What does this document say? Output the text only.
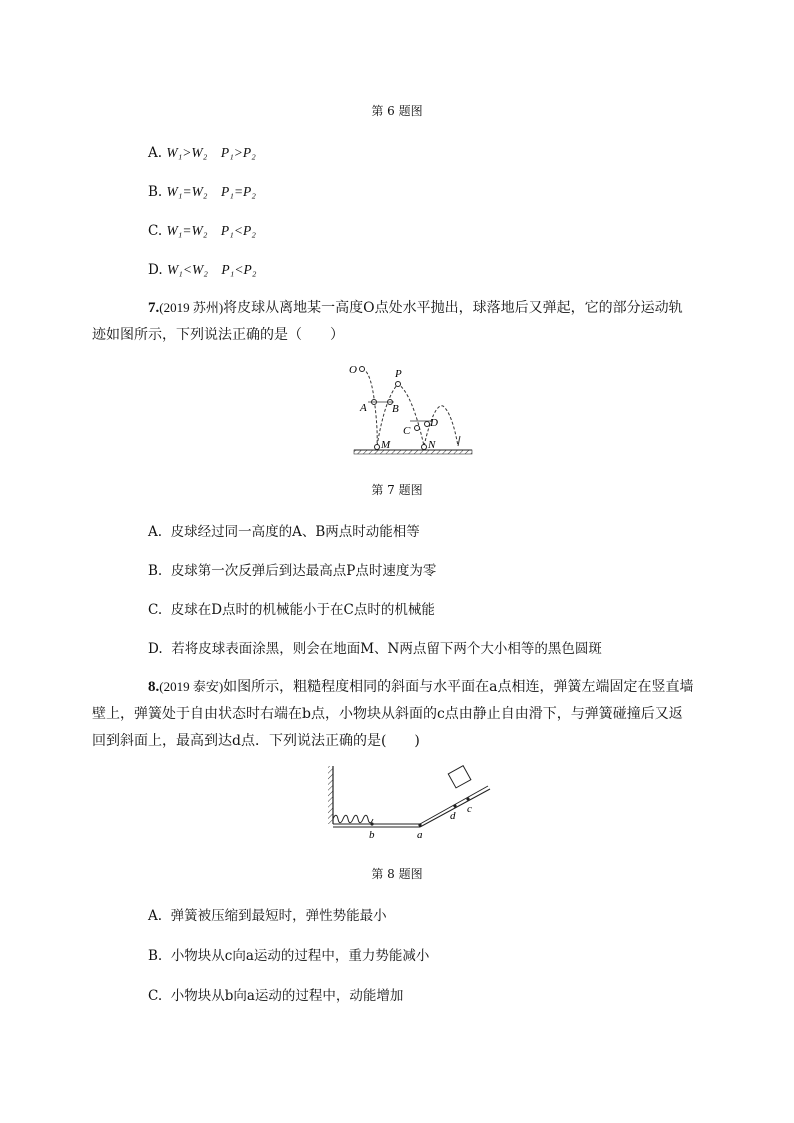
第 6 题图
A. W₁>W₂　P₁>P₂
B. W₁=W₂　P₁=P₂
C. W₁=W₂　P₁<P₂
D. W₁<W₂　P₁<P₂
7.(2019 苏州)将皮球从离地某一高度O点处水平抛出，球落地后又弹起，它的部分运动轨迹如图所示，下列说法正确的是（　　）
O	P
A B
C
D
M	N
第 7 题图
A. 皮球经过同一高度的A、B两点时动能相等
B. 皮球第一次反弹后到达最高点P点时速度为零
C. 皮球在D点时的机械能小于在C点时的机械能
D. 若将皮球表面涂黑，则会在地面M、N两点留下两个大小相等的黑色圆斑
8.(2019 泰安)如图所示，粗糙程度相同的斜面与水平面在a点相连，弹簧左端固定在竖直墙壁上，弹簧处于自由状态时右端在b点，小物块从斜面的c点由静止自由滑下，与弹簧碰撞后又返回到斜面上，最高到达d点．下列说法正确的是(　　)
b	a
d
c
第 8 题图
A. 弹簧被压缩到最短时，弹性势能最小
B. 小物块从c向a运动的过程中，重力势能减小
C. 小物块从b向a运动的过程中，动能增加
